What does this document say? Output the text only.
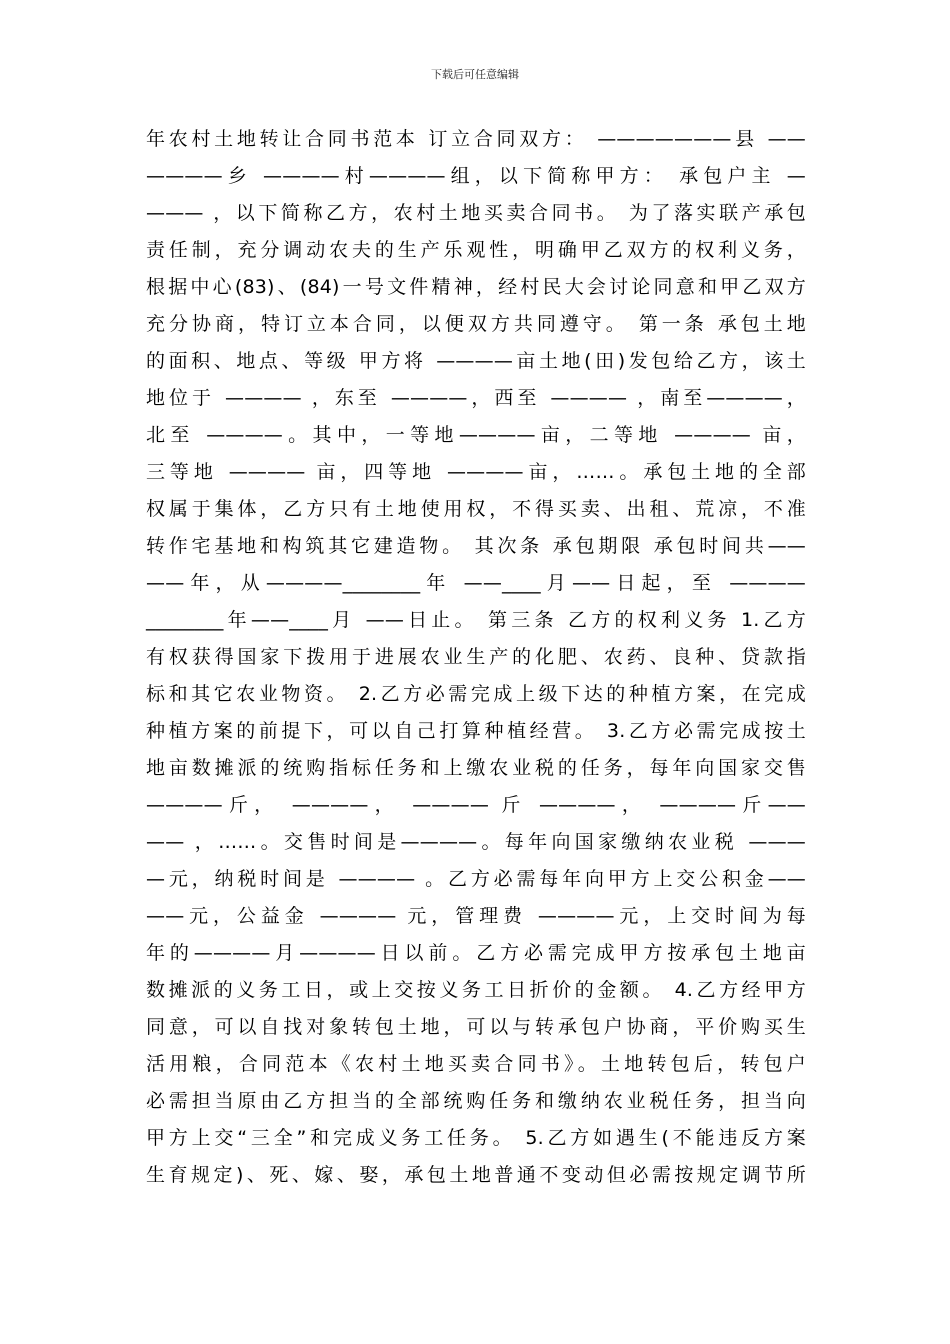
下载后可任意编辑
年农村土地转让合同书范本 订立合同双方： ———————县 ——
————乡 ————村————组，以下简称甲方： 承包户主 —
——— ，以下简称乙方，农村土地买卖合同书。 为了落实联产承包
责任制，充分调动农夫的生产乐观性，明确甲乙双方的权利义务，
根据中心(83)、(84)一号文件精神，经村民大会讨论同意和甲乙双方
充分协商，特订立本合同，以便双方共同遵守。 第一条 承包土地
的面积、地点、等级 甲方将 ————亩土地(田)发包给乙方，该土
地位于 ———— ，东至 ————，西至 ———— ，南至————，
北至 ————。其中，一等地————亩，二等地 ———— 亩，
三等地 ———— 亩，四等地 ————亩，……。承包土地的全部
权属于集体，乙方只有土地使用权，不得买卖、出租、荒凉，不准
转作宅基地和构筑其它建造物。 其次条 承包期限 承包时间共——
——年，从————________年 ——____月——日起，至 ————
________年——____月 ——日止。 第三条 乙方的权利义务 1.乙方
有权获得国家下拨用于进展农业生产的化肥、农药、良种、贷款指
标和其它农业物资。 2.乙方必需完成上级下达的种植方案，在完成
种植方案的前提下，可以自己打算种植经营。 3.乙方必需完成按土
地亩数摊派的统购指标任务和上缴农业税的任务，每年向国家交售
————斤， ————， ———— 斤 ————， ————斤——
—— ，……。交售时间是————。每年向国家缴纳农业税 ———
—元，纳税时间是 ———— 。乙方必需每年向甲方上交公积金——
——元，公益金 ———— 元，管理费 ————元，上交时间为每
年的————月————日以前。乙方必需完成甲方按承包土地亩
数摊派的义务工日，或上交按义务工日折价的金额。 4.乙方经甲方
同意，可以自找对象转包土地，可以与转承包户协商，平价购买生
活用粮，合同范本《农村土地买卖合同书》。土地转包后，转包户
必需担当原由乙方担当的全部统购任务和缴纳农业税任务，担当向
甲方上交“三全”和完成义务工任务。 5.乙方如遇生(不能违反方案
生育规定)、死、嫁、娶，承包土地普通不变动但必需按规定调节所
